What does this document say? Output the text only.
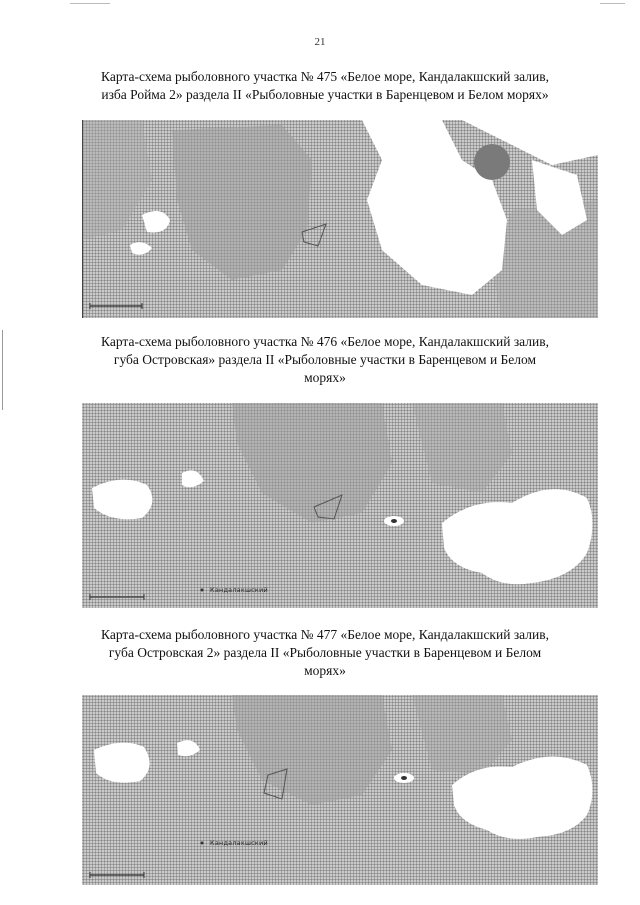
21
Карта-схема рыболовного участка № 475 «Белое море, Кандалакшский залив,
изба Ройма 2» раздела II «Рыболовные участки в Баренцевом и Белом морях»
Карта-схема рыболовного участка № 476 «Белое море, Кандалакшский залив,
губа Островская» раздела II «Рыболовные участки в Баренцевом и Белом
морях»
Кандалакшский
Карта-схема рыболовного участка № 477 «Белое море, Кандалакшский залив,
губа Островская 2» раздела II «Рыболовные участки в Баренцевом и Белом
морях»
Кандалакшский
